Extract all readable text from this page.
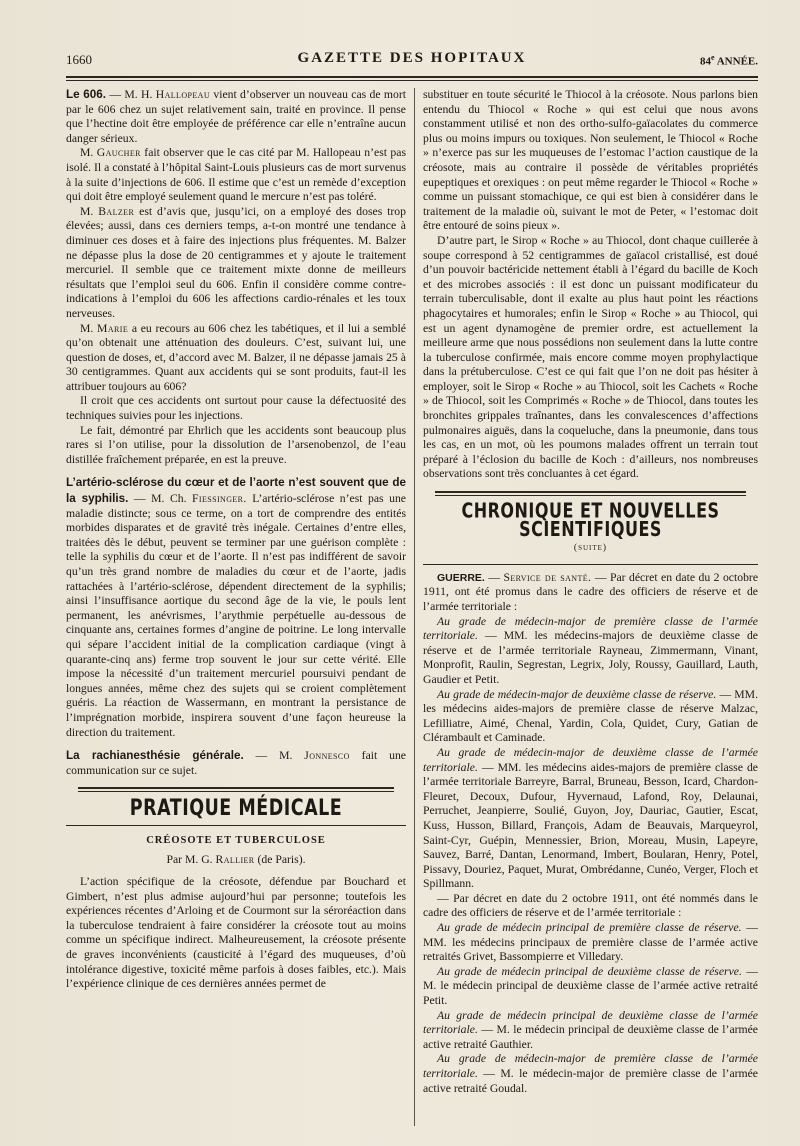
1660	GAZETTE DES HOPITAUX	84e ANNÉE.

Le 606. — M. H. Hallopeau vient d’observer un nouveau cas de mort par le 606 chez un sujet relativement sain, traité en province. Il pense que l’hectine doit être employée de préférence car elle n’entraîne aucun danger sérieux.

M. Gaucher fait observer que le cas cité par M. Hallopeau n’est pas isolé. Il a constaté à l’hôpital Saint-Louis plusieurs cas de mort survenus à la suite d’injections de 606. Il estime que c’est un remède d’exception qui doit être employé seulement quand le mercure n’est pas toléré.

M. Balzer est d’avis que, jusqu’ici, on a employé des doses trop élevées; aussi, dans ces derniers temps, a-t-on montré une tendance à diminuer ces doses et à faire des injections plus fréquentes. M. Balzer ne dépasse plus la dose de 20 centigrammes et y ajoute le traitement mercuriel. Il semble que ce traitement mixte donne de meilleurs résultats que l’emploi seul du 606. Enfin il considère comme contre-indications à l’emploi du 606 les affections cardio-rénales et les toux nerveuses.

M. Marie a eu recours au 606 chez les tabétiques, et il lui a semblé qu’on obtenait une atténuation des douleurs. C’est, suivant lui, une question de doses, et, d’accord avec M. Balzer, il ne dépasse jamais 25 à 30 centigrammes. Quant aux accidents qui se sont produits, faut-il les attribuer toujours au 606?

Il croit que ces accidents ont surtout pour cause la défectuosité des techniques suivies pour les injections.

Le fait, démontré par Ehrlich que les accidents sont beaucoup plus rares si l’on utilise, pour la dissolution de l’arsenobenzol, de l’eau distillée fraîchement préparée, en est la preuve.

L’artério-sclérose du cœur et de l’aorte n’est souvent que de la syphilis. — M. Ch. Fiessinger. L’artério-sclérose n’est pas une maladie distincte; sous ce terme, on a tort de comprendre des entités morbides disparates et de gravité très inégale. Certaines d’entre elles, traitées dès le début, peuvent se terminer par une guérison complète : telle la syphilis du cœur et de l’aorte. Il n’est pas indifférent de savoir qu’un très grand nombre de maladies du cœur et de l’aorte, jadis rattachées à l’artério-sclérose, dépendent directement de la syphilis; ainsi l’insuffisance aortique du second âge de la vie, le pouls lent permanent, les anévrismes, l’arythmie perpétuelle au-dessous de cinquante ans, certaines formes d’angine de poitrine. Le long intervalle qui sépare l’accident initial de la complication cardiaque (vingt à quarante-cinq ans) ferme trop souvent le jour sur cette vérité. Elle impose la nécessité d’un traitement mercuriel poursuivi pendant de longues années, même chez des sujets qui se croient complètement guéris. La réaction de Wassermann, en montrant la persistance de l’imprégnation morbide, inspirera souvent d’une façon heureuse la direction du traitement.

La rachianesthésie générale. — M. Jonnesco fait une communication sur ce sujet.

PRATIQUE MÉDICALE

CRÉOSOTE ET TUBERCULOSE

Par M. G. Rallier (de Paris).

L’action spécifique de la créosote, défendue par Bouchard et Gimbert, n’est plus admise aujourd’hui par personne; toutefois les expériences récentes d’Arloing et de Courmont sur la séroréaction dans la tuberculose tendraient à faire considérer la créosote tout au moins comme un spécifique indirect. Malheureusement, la créosote présente de graves inconvénients (causticité à l’égard des muqueuses, d’où intolérance digestive, toxicité même parfois à doses faibles, etc.). Mais l’expérience clinique de ces dernières années permet de

substituer en toute sécurité le Thiocol à la créosote. Nous parlons bien entendu du Thiocol « Roche » qui est celui que nous avons constamment utilisé et non des ortho-sulfo-gaïacolates du commerce plus ou moins impurs ou toxiques. Non seulement, le Thiocol « Roche » n’exerce pas sur les muqueuses de l’estomac l’action caustique de la créosote, mais au contraire il possède de véritables propriétés eupeptiques et orexiques : on peut même regarder le Thiocol « Roche » comme un puissant stomachique, ce qui est bien à considérer dans le traitement de la maladie où, suivant le mot de Peter, « l’estomac doit être entouré de soins pieux ».

D’autre part, le Sirop « Roche » au Thiocol, dont chaque cuillerée à soupe correspond à 52 centigrammes de gaïacol cristallisé, est doué d’un pouvoir bactéricide nettement établi à l’égard du bacille de Koch et des microbes associés : il est donc un puissant modificateur du terrain tuberculisable, dont il exalte au plus haut point les réactions phagocytaires et humorales; enfin le Sirop « Roche » au Thiocol, qui est un agent dynamogène de premier ordre, est actuellement la meilleure arme que nous possédions non seulement dans la lutte contre la tuberculose confirmée, mais encore comme moyen prophylactique dans la prétuberculose. C’est ce qui fait que l’on ne doit pas hésiter à employer, soit le Sirop « Roche » au Thiocol, soit les Cachets « Roche » de Thiocol, soit les Comprimés « Roche » de Thiocol, dans toutes les bronchites grippales traînantes, dans les convalescences d’affections pulmonaires aiguës, dans la coqueluche, dans la pneumonie, dans tous les cas, en un mot, où les poumons malades offrent un terrain tout préparé à l’éclosion du bacille de Koch : d’ailleurs, nos nombreuses observations sont très concluantes à cet égard.

CHRONIQUE ET NOUVELLES SCIENTIFIQUES

(suite)

GUERRE. — Service de santé. — Par décret en date du 2 octobre 1911, ont été promus dans le cadre des officiers de réserve et de l’armée territoriale :

Au grade de médecin-major de première classe de l’armée territoriale. — MM. les médecins-majors de deuxième classe de réserve et de l’armée territoriale Rayneau, Zimmermann, Vinant, Monprofit, Raulin, Segrestan, Legrix, Joly, Roussy, Gauillard, Lauth, Gaudier et Petit.

Au grade de médecin-major de deuxième classe de réserve. — MM. les médecins aides-majors de première classe de réserve Malzac, Lefilliatre, Aimé, Chenal, Yardin, Cola, Quidet, Cury, Gatian de Clérambault et Caminade.

Au grade de médecin-major de deuxième classe de l’armée territoriale. — MM. les médecins aides-majors de première classe de l’armée territoriale Barreyre, Barral, Bruneau, Besson, Icard, Chardon-Fleuret, Decoux, Dufour, Hyvernaud, Lafond, Roy, Delaunai, Perruchet, Jeanpierre, Soulié, Guyon, Joy, Dauriac, Gautier, Escat, Kuss, Husson, Billard, François, Adam de Beauvais, Marqueyrol, Saint-Cyr, Guépin, Mennessier, Brion, Moreau, Musin, Lapeyre, Sauvez, Barré, Dantan, Lenormand, Imbert, Boularan, Henry, Potel, Pissavy, Douriez, Paquet, Murat, Ombrédanne, Cunéo, Verger, Floch et Spillmann.

— Par décret en date du 2 octobre 1911, ont été nommés dans le cadre des officiers de réserve et de l’armée territoriale :

Au grade de médecin principal de première classe de réserve. — MM. les médecins principaux de première classe de l’armée active retraités Grivet, Bassompierre et Villedary.

Au grade de médecin principal de deuxième classe de réserve. — M. le médecin principal de deuxième classe de l’armée active retraité Petit.

Au grade de médecin principal de deuxième classe de l’armée territoriale. — M. le médecin principal de deuxième classe de l’armée active retraité Gauthier.

Au grade de médecin-major de première classe de l’armée territoriale. — M. le médecin-major de première classe de l’armée active retraité Goudal.
